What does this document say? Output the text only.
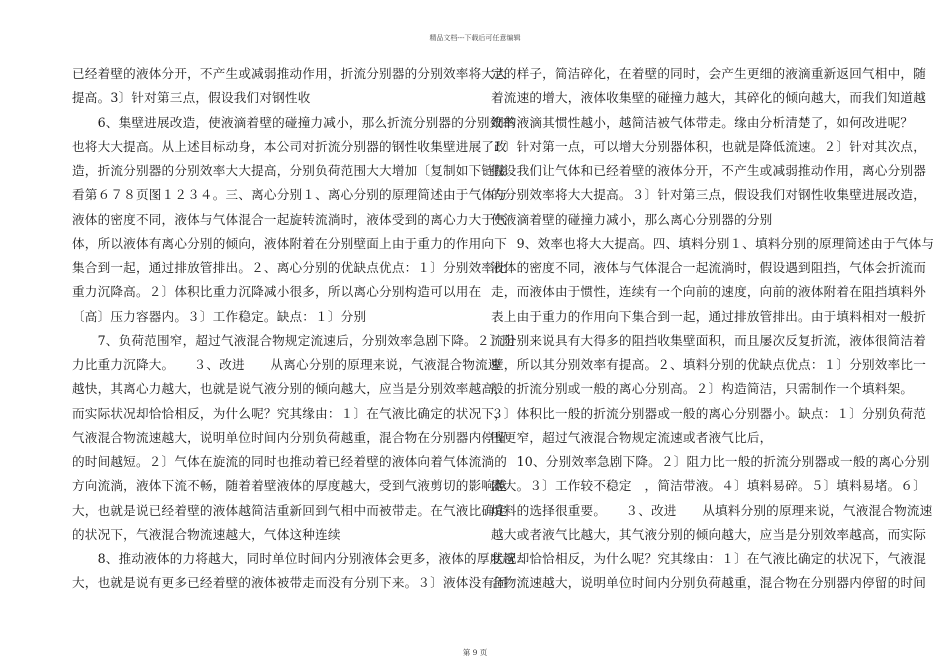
精品文档---下载后可任意编辑
已经着壁的液体分开，不产生或减弱推动作用，折流分别器的分别效率将大大
提高。3〕针对第三点，假设我们对钢性收
　　6、集壁进展改造，使液滴着壁的碰撞力减小，那么折流分别器的分别效率
也将大大提高。从上述目标动身，本公司对折流分别器的钢性收集壁进展了改
造，折流分别器的分别效率大大提高，分别负荷范围大大增加〔复制如下链接
看第６７８页图１２３４。三、离心分别１、离心分别的原理简述由于气体与
液体的密度不同，液体与气体混合一起旋转流淌时，液体受到的离心力大于气
体，所以液体有离心分别的倾向，液体附着在分别壁面上由于重力的作用向下
集合到一起，通过排放管排出。２、离心分别的优缺点优点：１〕分别效率比
重力沉降高。２〕体积比重力沉降减小很多，所以离心分别构造可以用在
〔高〕压力容器内。３〕工作稳定。缺点：１〕分别
　　7、负荷范围窄，超过气液混合物规定流速后，分别效率急剧下降。２〕阻
力比重力沉降大。　　３、改进　　从离心分别的原理来说，气液混合物流速
越快，其离心力越大，也就是说气液分别的倾向越大，应当是分别效率越高，
而实际状况却恰恰相反，为什么呢？究其缘由：１〕在气液比确定的状况下，
气液混合物流速越大，说明单位时间内分别负荷越重，混合物在分别器内停留
的时间越短。２〕气体在旋流的同时也推动着已经着壁的液体向着气体流淌的
方向流淌，液体下流不畅，随着着壁液体的厚度越大，受到气液剪切的影响越
大，也就是说已经着壁的液体越简洁重新回到气相中而被带走。在气液比确定
的状况下，气液混合物流速越大，气体这种连续
　　8、推动液体的力将越大，同时单位时间内分别液体会更多，液体的厚度越
大，也就是说有更多已经着壁的液体被带走而没有分别下来。３〕液体没有固
定的样子，简洁碎化，在着壁的同时，会产生更细的液滴重新返回气相中，随
着流速的增大，液体收集壁的碰撞力越大，其碎化的倾向越大，而我们知道越
细的液滴其惯性越小，越简洁被气体带走。缘由分析清楚了，如何改进呢？
１〕针对第一点，可以增大分别器体积，也就是降低流速。２〕针对其次点，
假设我们让气体和已经着壁的液体分开，不产生或减弱推动作用，离心分别器
的分别效率将大大提高。３〕针对第三点，假设我们对钢性收集壁进展改造，
使液滴着壁的碰撞力减小，那么离心分别器的分别
　　9、效率也将大大提高。四、填料分别１、填料分别的原理简述由于气体与
液体的密度不同，液体与气体混合一起流淌时，假设遇到阻挡，气体会折流而
走，而液体由于惯性，连续有一个向前的速度，向前的液体附着在阻挡填料外
表上由于重力的作用向下集合到一起，通过排放管排出。由于填料相对一般折
流分别来说具有大得多的阻挡收集壁面积，而且屡次反复折流，液体很简洁着
壁，所以其分别效率有提高。２、填料分别的优缺点优点：１〕分别效率比一
般的折流分别或一般的离心分别高。２〕构造简洁，只需制作一个填料架。
３〕体积比一般的折流分别器或一般的离心分别器小。缺点：１〕分别负荷范
围更窄，超过气液混合物规定流速或者液气比后，
　　10、分别效率急剧下降。２〕阻力比一般的折流分别器或一般的离心分别
器大。３〕工作较不稳定　，简洁带液。４〕填料易碎。５〕填料易堵。６〕
填料的选择很重要。　　３、改进　　从填料分别的原理来说，气液混合物流速
越大或者液气比越大，其气液分别的倾向越大，应当是分别效率越高，而实际
状况却恰恰相反，为什么呢？究其缘由：１〕在气液比确定的状况下，气液混
合物流速越大，说明单位时间内分别负荷越重，混合物在分别器内停留的时间
第 9 页
